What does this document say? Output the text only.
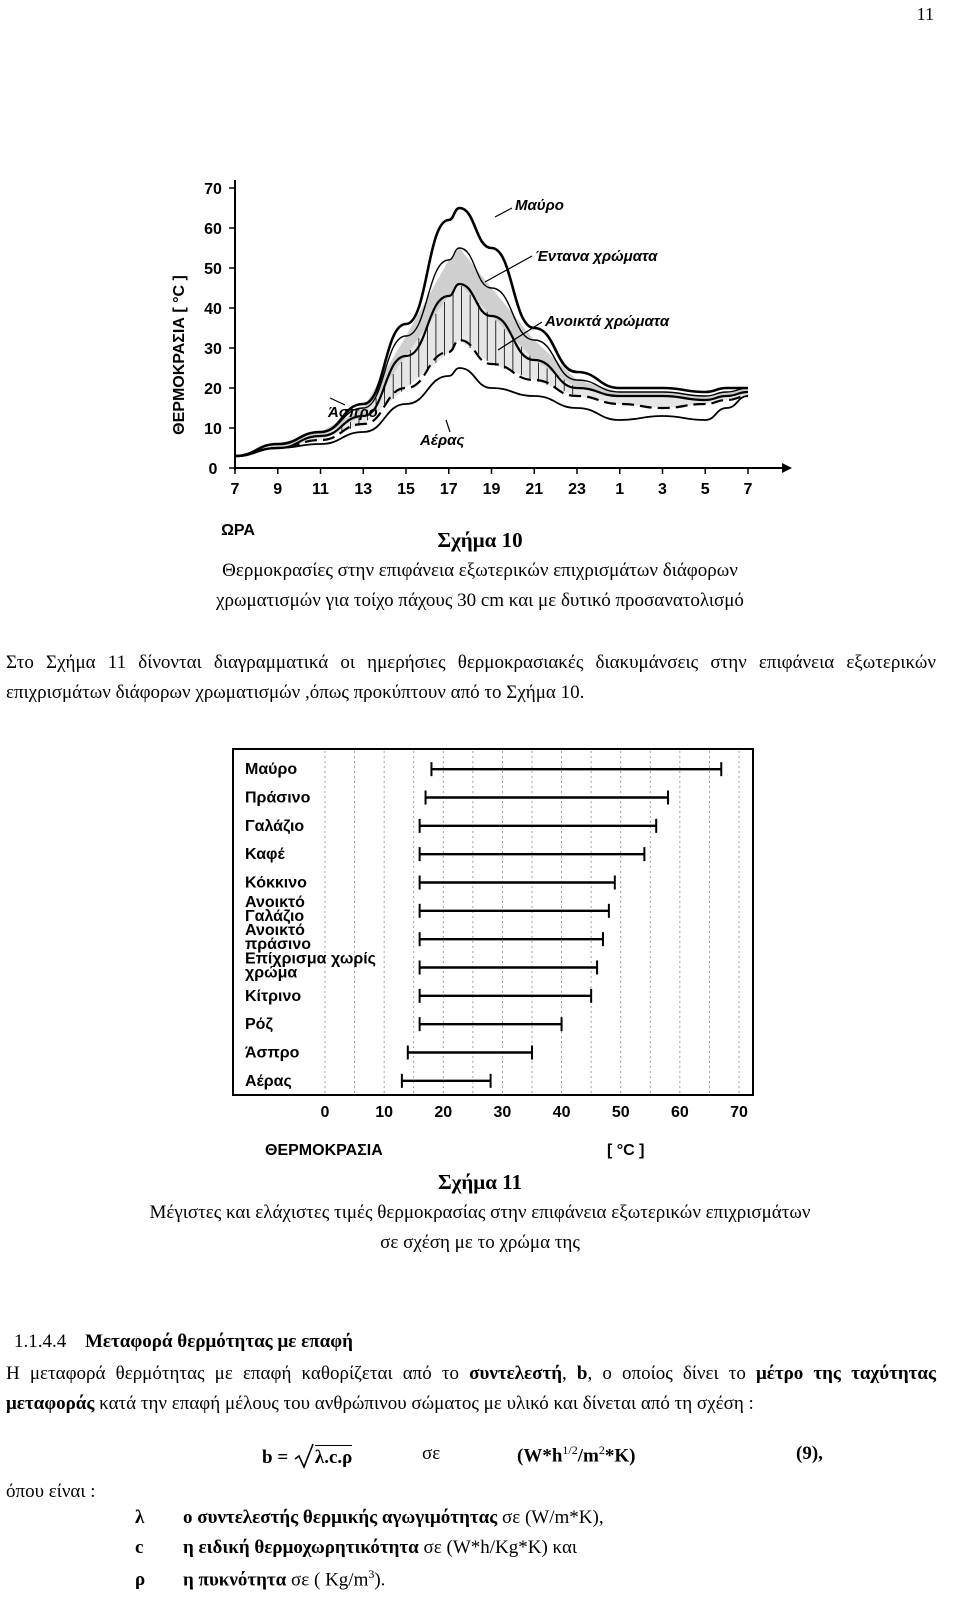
11
0
10
20
30
40
50
60
70
7 9 11 13 15 17 19 21 23 1 3 5 7
ΘΕΡΜΟΚΡΑΣΙΑ [ °C ]
ΩΡΑ
Μαύρο
Έντανα χρώματα
Ανοικτά χρώματα
Άσπρο
Αέρας
Σχήμα 10
Θερμοκρασίες στην επιφάνεια εξωτερικών επιχρισμάτων διάφορων χρωματισμών για τοίχο πάχους 30 cm και με δυτικό προσανατολισμό
Στο Σχήμα 11 δίνονται διαγραμματικά οι ημερήσιες θερμοκρασιακές διακυμάνσεις στην επιφάνεια εξωτερικών επιχρισμάτων διάφορων χρωματισμών ,όπως προκύπτουν από το Σχήμα 10.
Μαύρο
Πράσινο
Γαλάζιο
Καφέ
Κόκκινο
Ανοικτό
Γαλάζιο
Ανοικτό
πράσινο
Επίχρισμα χωρίς
χρώμα
Κίτρινο
Ρόζ
Άσπρο
Αέρας
0	10	20	30	40	50	60	70
ΘΕΡΜΟΚΡΑΣΙΑ	[ °C ]
Σχήμα 11
Μέγιστες και ελάχιστες τιμές θερμοκρασίας στην επιφάνεια εξωτερικών επιχρισμάτων
σε σχέση με το χρώμα της
1.1.4.4 Μεταφορά θερμότητας με επαφή
Η μεταφορά θερμότητας με επαφή καθορίζεται από το συντελεστή, b, ο οποίος δίνει το μέτρο της ταχύτητας μεταφοράς κατά την επαφή μέλους του ανθρώπινου σώματος με υλικό και δίνεται από τη σχέση :
b = λ.c.ρ	σε	$(W*h^{1/2}/m^2*K)$	(9),
όπου είναι :
λ ο συντελεστής θερμικής αγωγιμότητας σε (W/m*K),
c η ειδική θερμοχωρητικότητα σε (W*h/Kg*K) και
ρ η πυκνότητα σε ( $Kg/m^3$).
